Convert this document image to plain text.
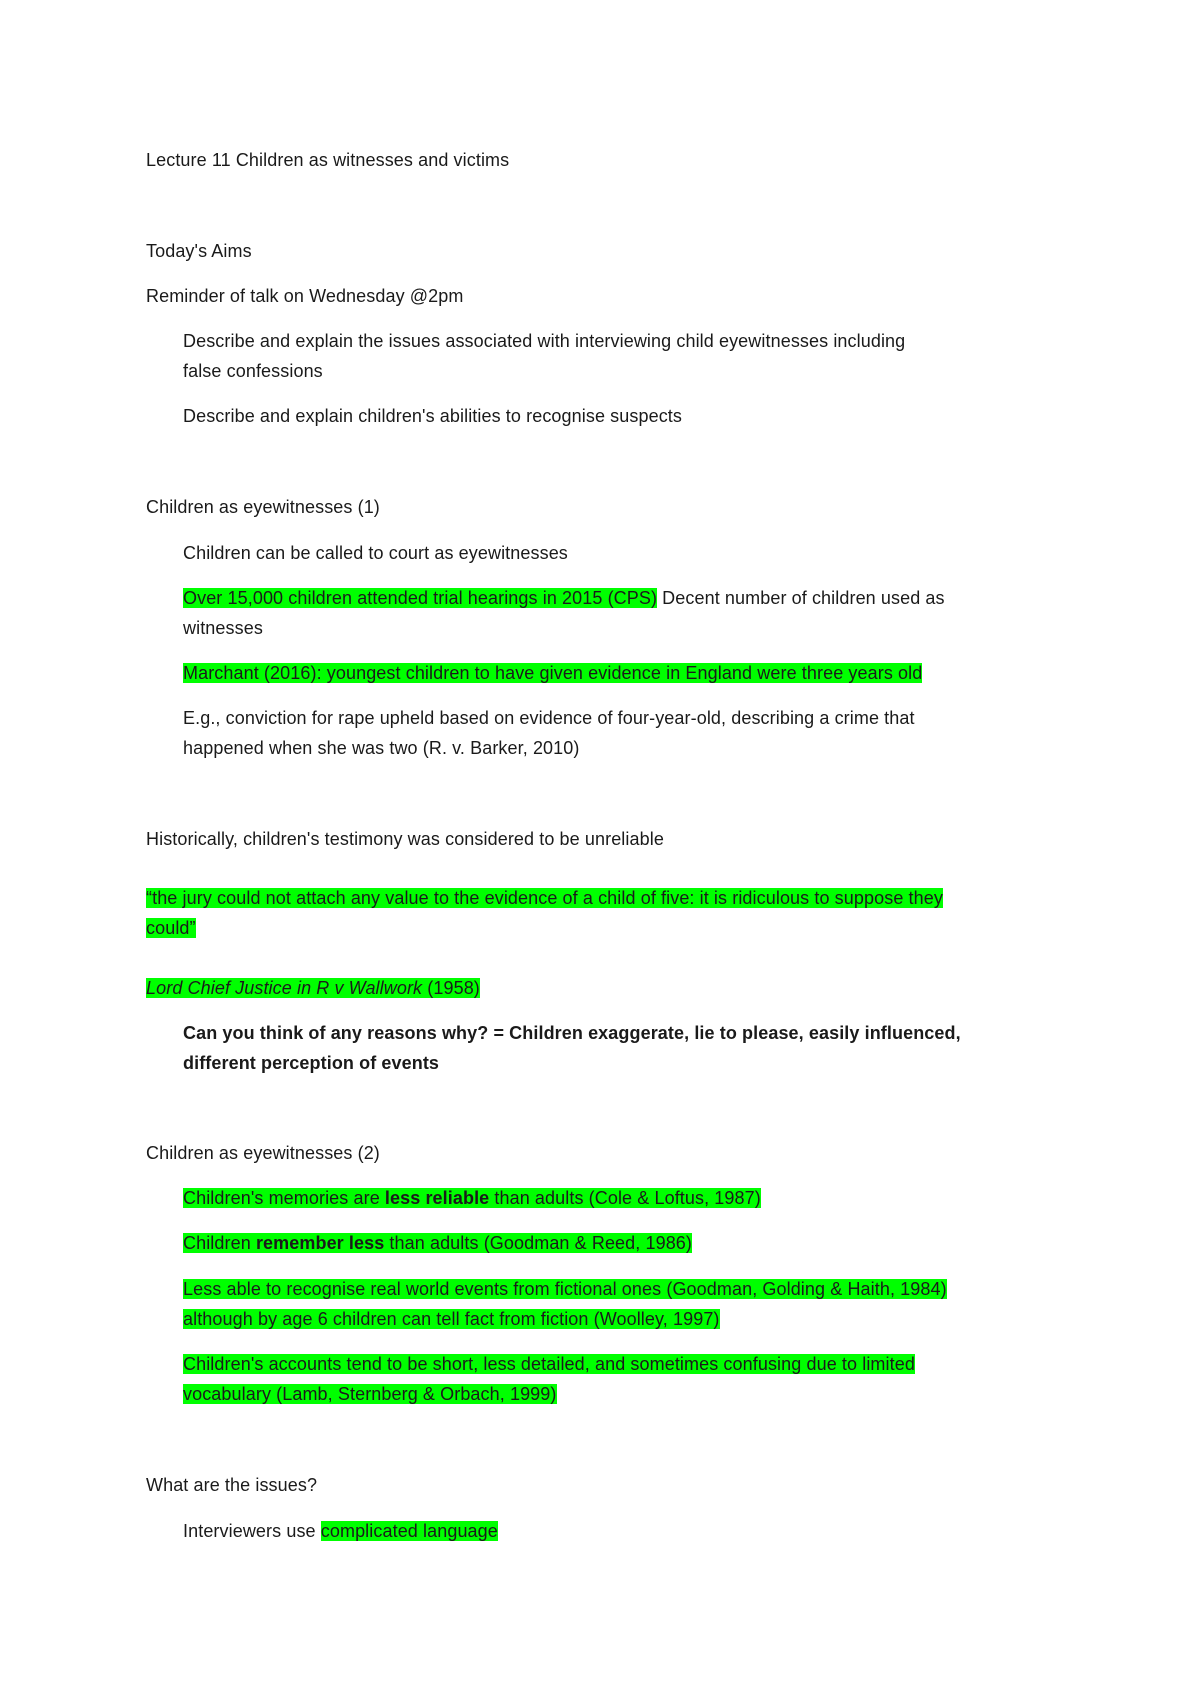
Lecture 11 Children as witnesses and victims
Today's Aims
Reminder of talk on Wednesday @2pm
Describe and explain the issues associated with interviewing child eyewitnesses including
false confessions
Describe and explain children's abilities to recognise suspects
Children as eyewitnesses (1)
Children can be called to court as eyewitnesses
Over 15,000 children attended trial hearings in 2015 (CPS) Decent number of children used as
witnesses
Marchant (2016): youngest children to have given evidence in England were three years old
E.g., conviction for rape upheld based on evidence of four-year-old, describing a crime that
happened when she was two (R. v. Barker, 2010)
Historically, children's testimony was considered to be unreliable
“the jury could not attach any value to the evidence of a child of five: it is ridiculous to suppose they
could”
Lord Chief Justice in R v Wallwork (1958)
Can you think of any reasons why? = Children exaggerate, lie to please, easily influenced,
different perception of events
Children as eyewitnesses (2)
Children's memories are less reliable than adults (Cole & Loftus, 1987)
Children remember less than adults (Goodman & Reed, 1986)
Less able to recognise real world events from fictional ones (Goodman, Golding & Haith, 1984)
although by age 6 children can tell fact from fiction (Woolley, 1997)
Children's accounts tend to be short, less detailed, and sometimes confusing due to limited
vocabulary (Lamb, Sternberg & Orbach, 1999)
What are the issues?
Interviewers use complicated language
